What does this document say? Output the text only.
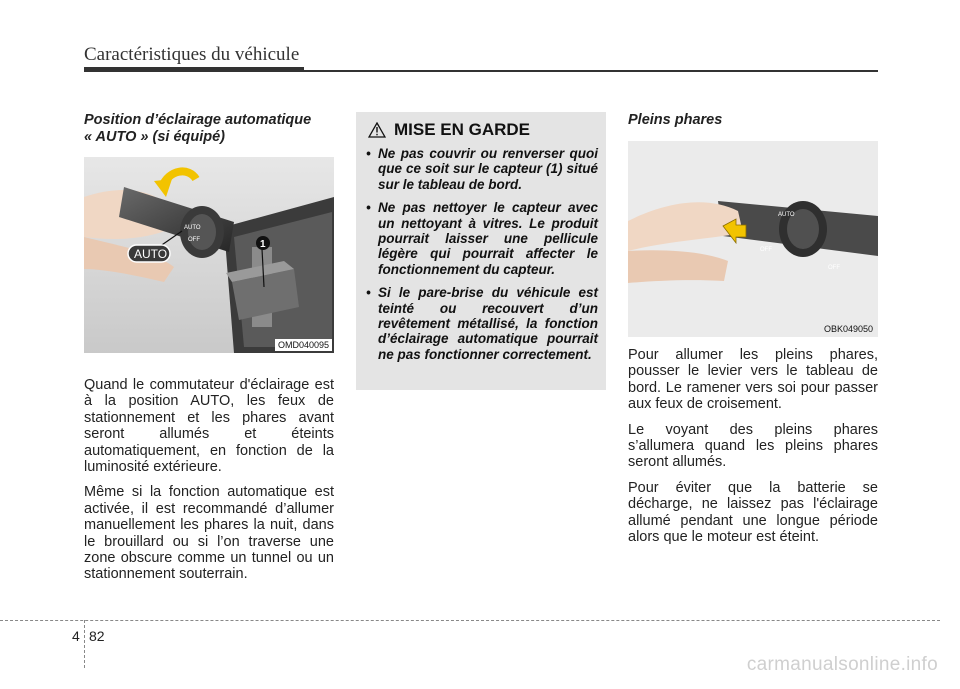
Caractéristiques du véhicule

Position d’éclairage automatique
« AUTO » (si équipé)

AUTO
OFF	1
AUTO
OMD040095

Quand le commutateur d'éclairage est à la position AUTO, les feux de stationnement et les phares avant seront allumés et éteints automatiquement, en fonction de la luminosité extérieure.

Même si la fonction automatique est activée, il est recommandé d’allumer manuellement les phares la nuit, dans le brouillard ou si l’on traverse une zone obscure comme un tunnel ou un stationnement souterrain.

MISE EN GARDE
• Ne pas couvrir ou renverser quoi que ce soit sur le capteur (1) situé sur le tableau de bord.
• Ne pas nettoyer le capteur avec un nettoyant à vitres. Le produit pourrait laisser une pellicule légère qui pourrait affecter le fonctionnement du capteur.
• Si le pare-brise du véhicule est teinté ou recouvert d’un revêtement métallisé, la fonction d’éclairage automatique pourrait ne pas fonctionner correctement.

Pleins phares

AUTO
OFF
OFF
OBK049050

Pour allumer les pleins phares, pousser le levier vers le tableau de bord. Le ramener vers soi pour passer aux feux de croisement.

Le voyant des pleins phares s’allumera quand les pleins phares seront allumés.

Pour éviter que la batterie se décharge, ne laissez pas l'éclairage allumé pendant une longue période alors que le moteur est éteint.

4 82
carmanualsonline.info
